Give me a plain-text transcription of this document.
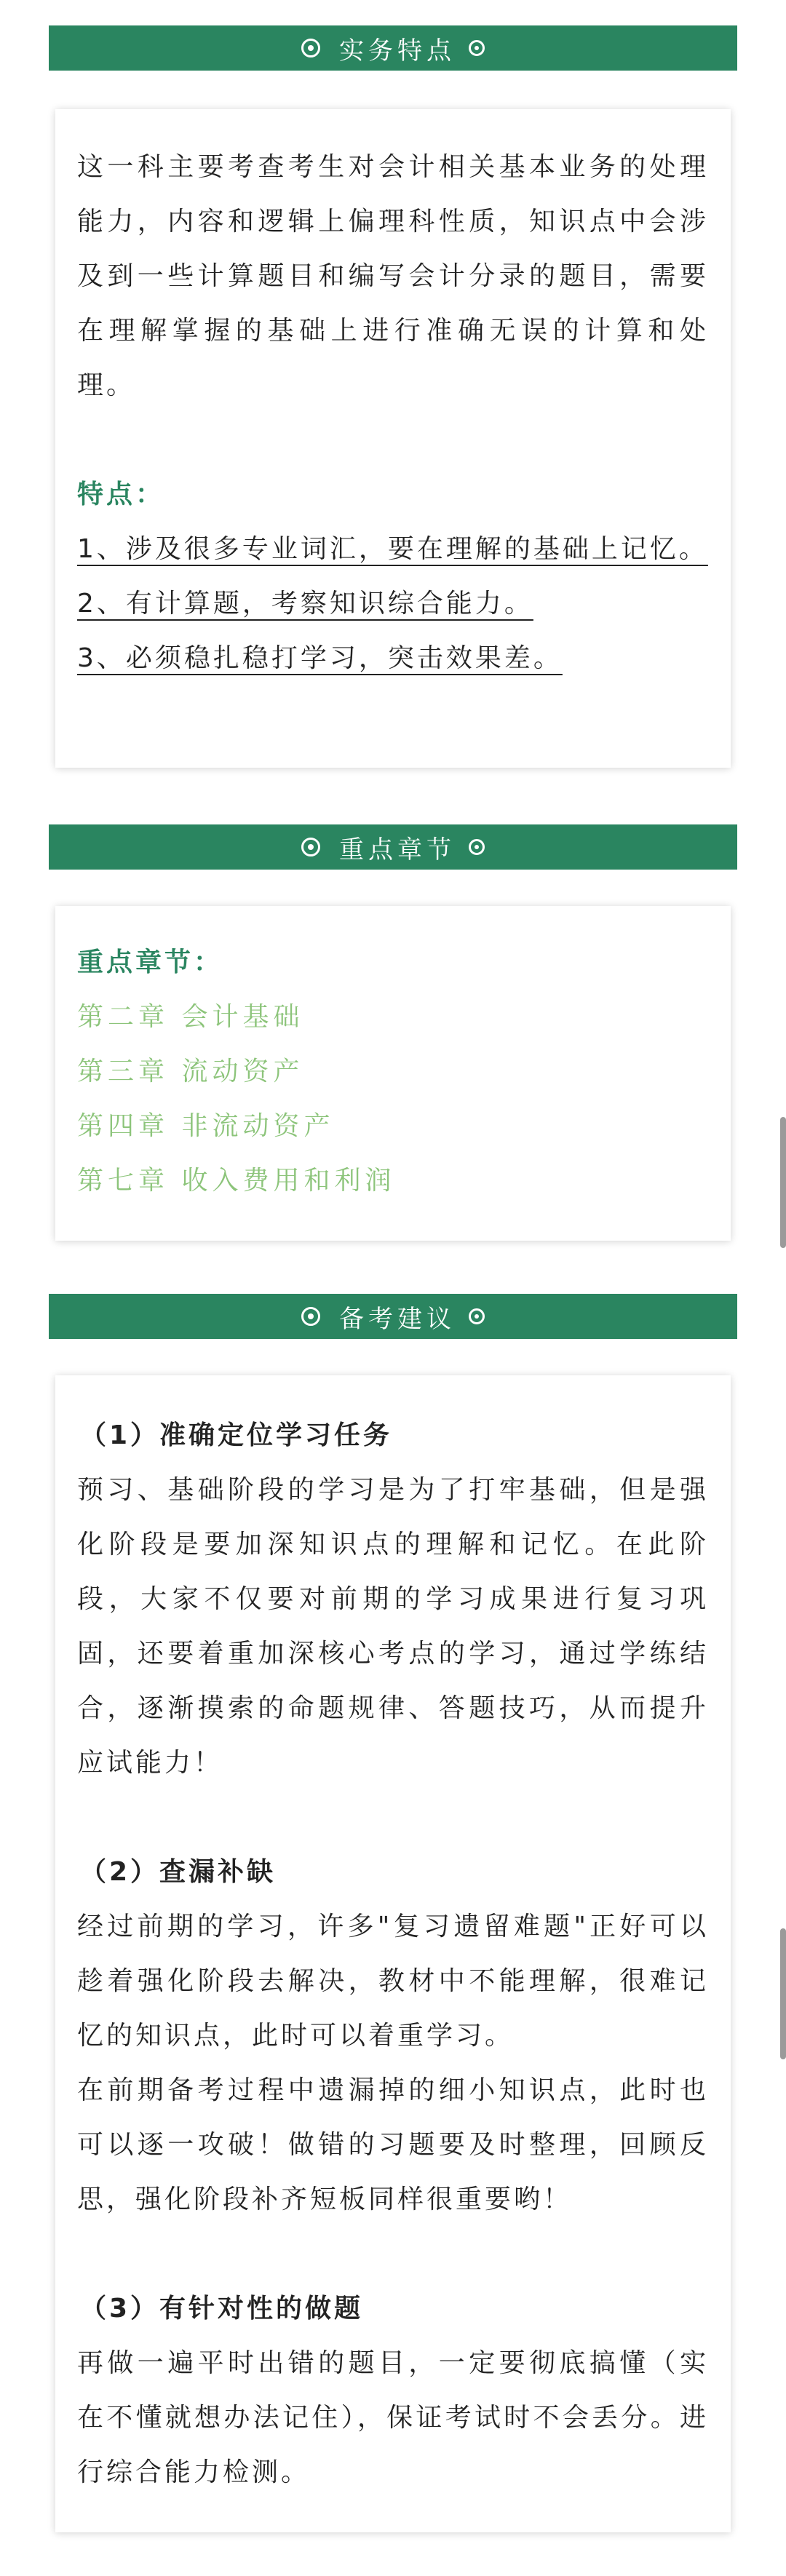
实务特点

这一科主要考查考生对会计相关基本业务的处理能力，内容和逻辑上偏理科性质，知识点中会涉及到一些计算题目和编写会计分录的题目，需要在理解掌握的基础上进行准确无误的计算和处理。

特点：

1、涉及很多专业词汇，要在理解的基础上记忆。

2、有计算题，考察知识综合能力。

3、必须稳扎稳打学习，突击效果差。

重点章节

重点章节：

第二章 会计基础

第三章 流动资产

第四章 非流动资产

第七章 收入费用和利润

备考建议

（1）准确定位学习任务

预习、基础阶段的学习是为了打牢基础，但是强化阶段是要加深知识点的理解和记忆。在此阶段，大家不仅要对前期的学习成果进行复习巩固，还要着重加深核心考点的学习，通过学练结合，逐渐摸索的命题规律、答题技巧，从而提升应试能力！

（2）查漏补缺

经过前期的学习，许多"复习遗留难题"正好可以趁着强化阶段去解决，教材中不能理解，很难记忆的知识点，此时可以着重学习。

在前期备考过程中遗漏掉的细小知识点，此时也可以逐一攻破！做错的习题要及时整理，回顾反思，强化阶段补齐短板同样很重要哟！

（3）有针对性的做题

再做一遍平时出错的题目，一定要彻底搞懂（实在不懂就想办法记住），保证考试时不会丢分。进行综合能力检测。
